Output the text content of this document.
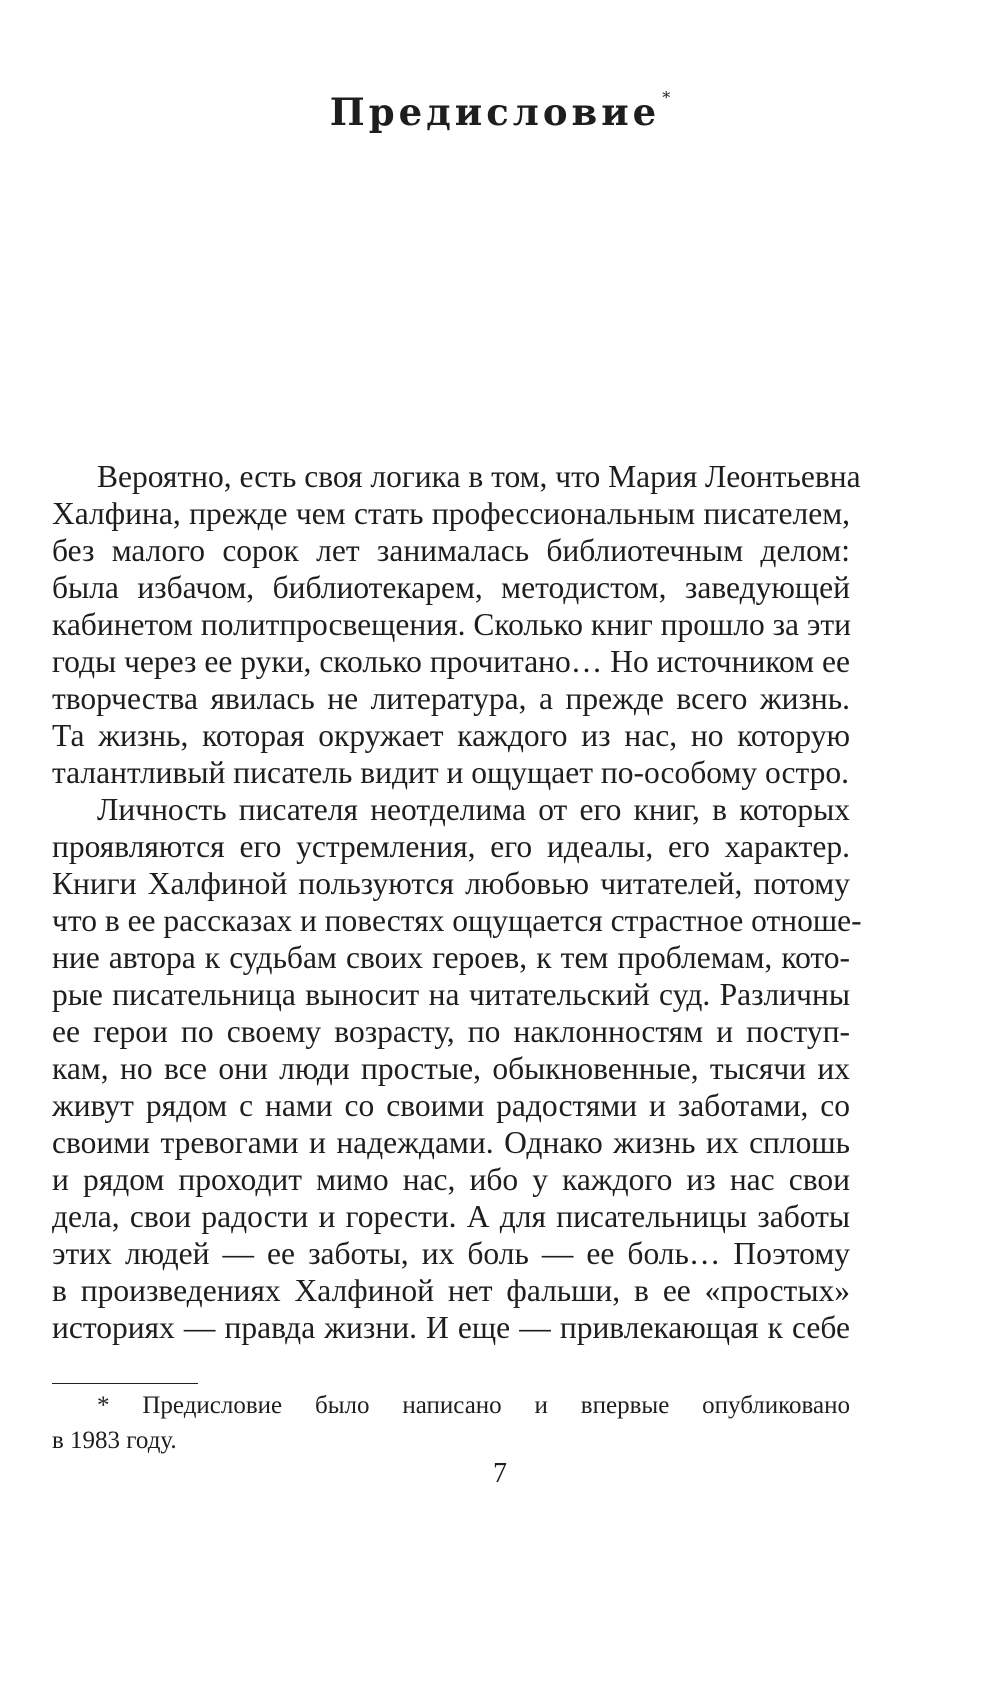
Предисловие *
Вероятно, есть своя логика в том, что Мария Леонтьевна
Халфина, прежде чем стать профессиональным писателем,
без малого сорок лет занималась библиотечным делом:
была избачом, библиотекарем, методистом, заведующей
кабинетом политпросвещения. Сколько книг прошло за эти
годы через ее руки, сколько прочитано… Но источником ее
творчества явилась не литература, а прежде всего жизнь.
Та жизнь, которая окружает каждого из нас, но которую
талантливый писатель видит и ощущает по-особому остро.
Личность писателя неотделима от его книг, в которых
проявляются его устремления, его идеалы, его характер.
Книги Халфиной пользуются любовью читателей, потому
что в ее рассказах и повестях ощущается страстное отноше-
ние автора к судьбам своих героев, к тем проблемам, кото-
рые писательница выносит на читательский суд. Различны
ее герои по своему возрасту, по наклонностям и поступ-
кам, но все они люди простые, обыкновенные, тысячи их
живут рядом с нами со своими радостями и заботами, со
своими тревогами и надеждами. Однако жизнь их сплошь
и рядом проходит мимо нас, ибо у каждого из нас свои
дела, свои радости и горести. А для писательницы заботы
этих людей — ее заботы, их боль — ее боль… Поэтому
в произведениях Халфиной нет фальши, в ее «простых»
историях — правда жизни. И еще — привлекающая к себе
* Предисловие было написано и впервые опубликовано
в 1983 году.
7
